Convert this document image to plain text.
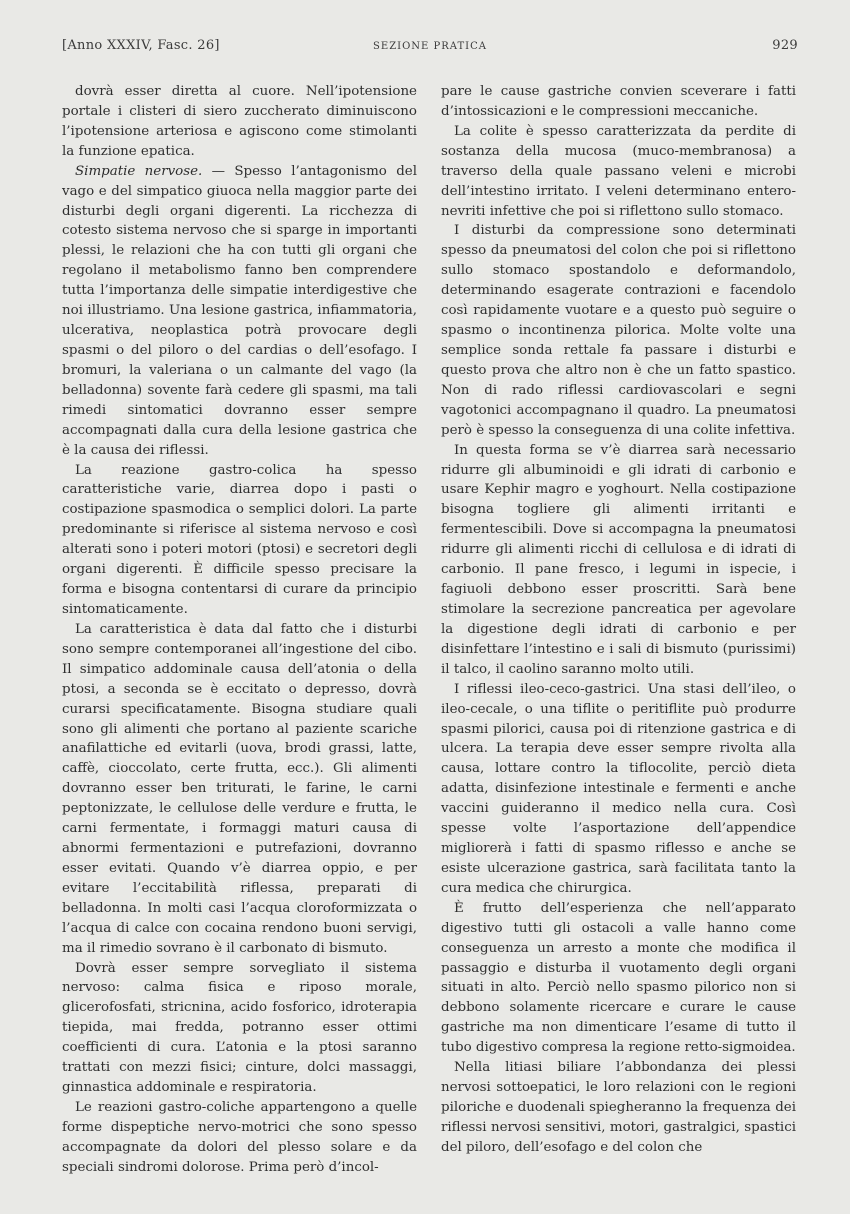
[Anno XXXIV, Fasc. 26]	SEZIONE PRATICA	929

dovrà esser diretta al cuore. Nell’ipotensione portale i clisteri di siero zuccherato diminuiscono l’ipotensione arteriosa e agiscono come stimolanti la funzione epatica.

Simpatie nervose. — Spesso l’antagonismo del vago e del simpatico giuoca nella maggior parte dei disturbi degli organi digerenti. La ricchezza di cotesto sistema nervoso che si sparge in importanti plessi, le relazioni che ha con tutti gli organi che regolano il metabolismo fanno ben comprendere tutta l’importanza delle simpatie interdigestive che noi illustriamo. Una lesione gastrica, infiammatoria, ulcerativa, neoplastica potrà provocare degli spasmi o del piloro o del cardias o dell’esofago. I bromuri, la valeriana o un calmante del vago (la belladonna) sovente farà cedere gli spasmi, ma tali rimedi sintomatici dovranno esser sempre accompagnati dalla cura della lesione gastrica che è la causa dei riflessi.

La reazione gastro-colica ha spesso caratteristiche varie, diarrea dopo i pasti o costipazione spasmodica o semplici dolori. La parte predominante si riferisce al sistema nervoso e così alterati sono i poteri motori (ptosi) e secretori degli organi digerenti. È difficile spesso precisare la forma e bisogna contentarsi di curare da principio sintomaticamente.

La caratteristica è data dal fatto che i disturbi sono sempre contemporanei all’ingestione del cibo. Il simpatico addominale causa dell’atonia o della ptosi, a seconda se è eccitato o depresso, dovrà curarsi specificatamente. Bisogna studiare quali sono gli alimenti che portano al paziente scariche anafilattiche ed evitarli (uova, brodi grassi, latte, caffè, cioccolato, certe frutta, ecc.). Gli alimenti dovranno esser ben triturati, le farine, le carni peptonizzate, le cellulose delle verdure e frutta, le carni fermentate, i formaggi maturi causa di abnormi fermentazioni e putrefazioni, dovranno esser evitati. Quando v’è diarrea oppio, e per evitare l’eccitabilità riflessa, preparati di belladonna. In molti casi l’acqua cloroformizzata o l’acqua di calce con cocaina rendono buoni servigi, ma il rimedio sovrano è il carbonato di bismuto.

Dovrà esser sempre sorvegliato il sistema nervoso: calma fisica e riposo morale, glicerofosfati, stricnina, acido fosforico, idroterapia tiepida, mai fredda, potranno esser ottimi coefficienti di cura. L’atonia e la ptosi saranno trattati con mezzi fisici; cinture, dolci massaggi, ginnastica addominale e respiratoria.

Le reazioni gastro-coliche appartengono a quelle forme dispeptiche nervo-motrici che sono spesso accompagnate da dolori del plesso solare e da speciali sindromi dolorose. Prima però d’incol-

pare le cause gastriche convien sceverare i fatti d’intossicazioni e le compressioni meccaniche.

La colite è spesso caratterizzata da perdite di sostanza della mucosa (muco-membranosa) a traverso della quale passano veleni e microbi dell’intestino irritato. I veleni determinano entero-nevriti infettive che poi si riflettono sullo stomaco.

I disturbi da compressione sono determinati spesso da pneumatosi del colon che poi si riflettono sullo stomaco spostandolo e deformandolo, determinando esagerate contrazioni e facendolo così rapidamente vuotare e a questo può seguire o spasmo o incontinenza pilorica. Molte volte una semplice sonda rettale fa passare i disturbi e questo prova che altro non è che un fatto spastico. Non di rado riflessi cardiovascolari e segni vagotonici accompagnano il quadro. La pneumatosi però è spesso la conseguenza di una colite infettiva.

In questa forma se v’è diarrea sarà necessario ridurre gli albuminoidi e gli idrati di carbonio e usare Kephir magro e yoghourt. Nella costipazione bisogna togliere gli alimenti irritanti e fermentescibili. Dove si accompagna la pneumatosi ridurre gli alimenti ricchi di cellulosa e di idrati di carbonio. Il pane fresco, i legumi in ispecie, i fagiuoli debbono esser proscritti. Sarà bene stimolare la secrezione pancreatica per agevolare la digestione degli idrati di carbonio e per disinfettare l’intestino e i sali di bismuto (purissimi) il talco, il caolino saranno molto utili.

I riflessi ileo-ceco-gastrici. Una stasi dell’ileo, o ileo-cecale, o una tiflite o peritiflite può produrre spasmi pilorici, causa poi di ritenzione gastrica e di ulcera. La terapia deve esser sempre rivolta alla causa, lottare contro la tiflocolite, perciò dieta adatta, disinfezione intestinale e fermenti e anche vaccini guideranno il medico nella cura. Così spesse volte l’asportazione dell’appendice migliorerà i fatti di spasmo riflesso e anche se esiste ulcerazione gastrica, sarà facilitata tanto la cura medica che chirurgica.

È frutto dell’esperienza che nell’apparato digestivo tutti gli ostacoli a valle hanno come conseguenza un arresto a monte che modifica il passaggio e disturba il vuotamento degli organi situati in alto. Perciò nello spasmo pilorico non si debbono solamente ricercare e curare le cause gastriche ma non dimenticare l’esame di tutto il tubo digestivo compresa la regione retto-sigmoidea.

Nella litiasi biliare l’abbondanza dei plessi nervosi sottoepatici, le loro relazioni con le regioni piloriche e duodenali spiegheranno la frequenza dei riflessi nervosi sensitivi, motori, gastralgici, spastici del piloro, dell’esofago e del colon che
